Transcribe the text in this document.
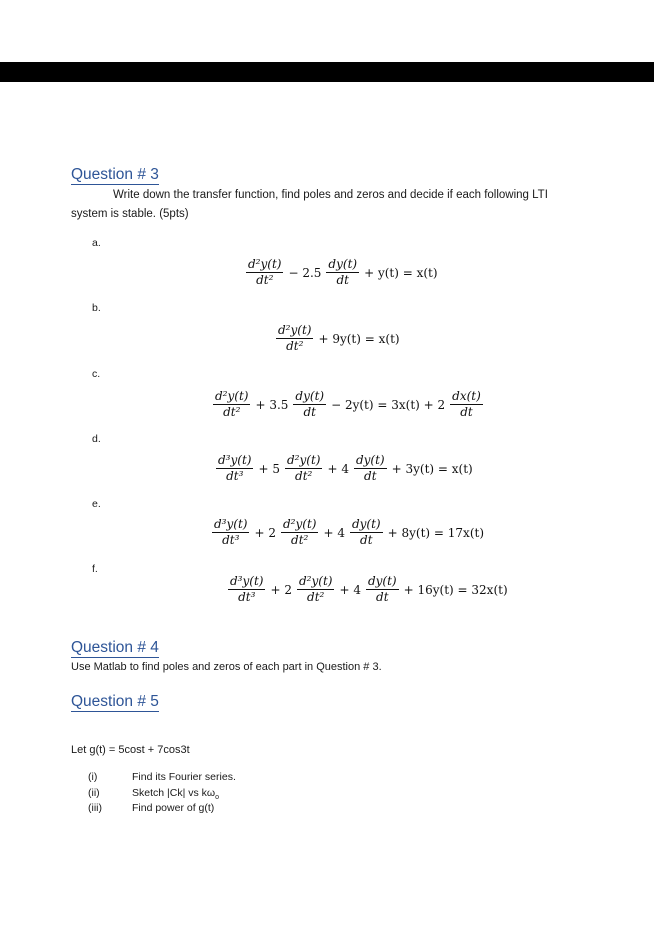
Question # 3
Write down the transfer function, find poles and zeros and decide if each following LTI
system is stable. (5pts)
a.
$\frac{\text{d²y(t)}}{\text{dt²}} - 2.5 \frac{dy(t)}{dt} + y(t) = x(t)$
b.
$\frac{\text{d²y(t)}}{\text{dt²}} + 9y(t) = x(t)$
c.
$\frac{\text{d²y(t)}}{\text{dt²}} + 3.5 \frac{dy(t)}{dt} - 2y(t) = 3x(t) + 2 \frac{dx(t)}{dt}$
d.
$\frac{\text{d³y(t)}}{\text{dt³}} + 5 \frac{\text{d²y(t)}}{\text{dt²}} + 4 \frac{dy(t)}{dt} + 3y(t) = x(t)$
e.
$\frac{\text{d³y(t)}}{\text{dt³}} + 2 \frac{\text{d²y(t)}}{\text{dt²}} + 4 \frac{dy(t)}{dt} + 8y(t) = 17x(t)$
f.
$\frac{\text{d³y(t)}}{\text{dt³}} + 2 \frac{\text{d²y(t)}}{\text{dt²}} + 4 \frac{dy(t)}{dt} + 16y(t) = 32x(t)$
Question # 4
Use Matlab to find poles and zeros of each part in Question # 3.
Question # 5
Let g(t) = 5cost + 7cos3t
(i)	Find its Fourier series.
(ii)	Sketch |Ck| vs $k\omega_o$
(iii)	Find power of g(t)
